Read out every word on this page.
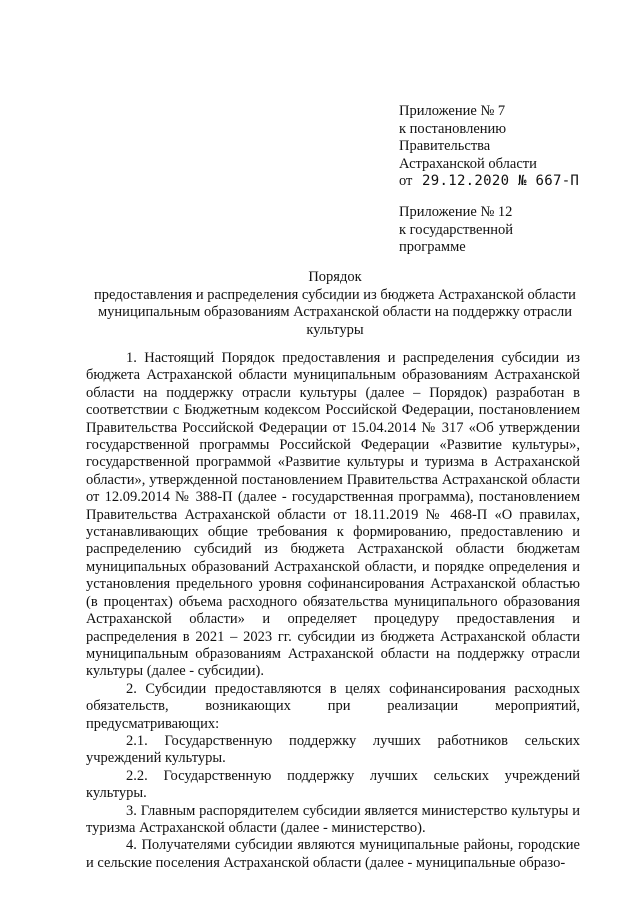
Приложение № 7
к постановлению
Правительства
Астраханской области
от 29.12.2020 № 667-П
Приложение № 12
к государственной
программе
Порядок
предоставления и распределения субсидии из бюджета Астраханской области
муниципальным образованиям Астраханской области на поддержку отрасли
культуры

1. Настоящий Порядок предоставления и распределения субсидии из бюджета Астраханской области муниципальным образованиям Астраханской области на поддержку отрасли культуры (далее – Порядок) разработан в соответствии с Бюджетным кодексом Российской Федерации, постановлением Правительства Российской Федерации от 15.04.2014 № 317 «Об утверждении государственной программы Российской Федерации «Развитие культуры», государственной программой «Развитие культуры и туризма в Астраханской области», утвержденной постановлением Правительства Астраханской области от 12.09.2014 № 388-П (далее - государственная программа), постановлением Правительства Астраханской области от 18.11.2019 № 468-П «О правилах, устанавливающих общие требования к формированию, предоставлению и распределению субсидий из бюджета Астраханской области бюджетам муниципальных образований Астраханской области, и порядке определения и установления предельного уровня софинансирования Астраханской областью (в процентах) объема расходного обязательства муниципального образования Астраханской области» и определяет процедуру предоставления и распределения в 2021 – 2023 гг. субсидии из бюджета Астраханской области муниципальным образованиям Астраханской области на поддержку отрасли культуры (далее - субсидии).

2. Субсидии предоставляются в целях софинансирования расходных обязательств, возникающих при реализации мероприятий, предусматривающих:

2.1. Государственную поддержку лучших работников сельских учреждений культуры.

2.2. Государственную поддержку лучших сельских учреждений культуры.

3. Главным распорядителем субсидии является министерство культуры и туризма Астраханской области (далее - министерство).

4. Получателями субсидии являются муниципальные районы, городские и сельские поселения Астраханской области (далее - муниципальные образо-
